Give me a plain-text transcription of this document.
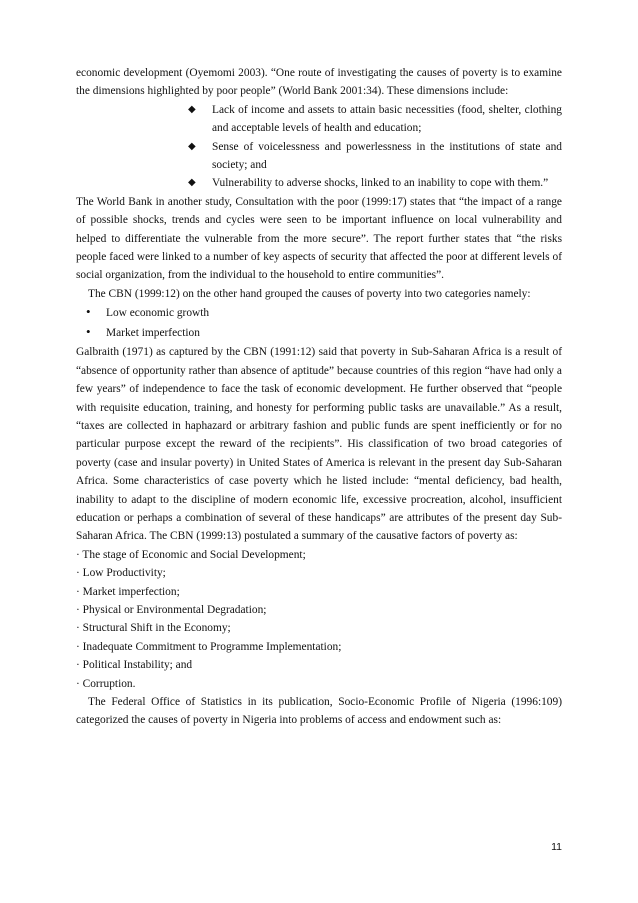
economic development (Oyemomi 2003). “One route of investigating the causes of poverty is to examine the dimensions highlighted by poor people” (World Bank 2001:34). These dimensions include:

◆ Lack of income and assets to attain basic necessities (food, shelter, clothing and acceptable levels of health and education;
◆ Sense of voicelessness and powerlessness in the institutions of state and society; and
◆ Vulnerability to adverse shocks, linked to an inability to cope with them.”

The World Bank in another study, Consultation with the poor (1999:17) states that “the impact of a range of possible shocks, trends and cycles were seen to be important influence on local vulnerability and helped to differentiate the vulnerable from the more secure”. The report further states that “the risks people faced were linked to a number of key aspects of security that affected the poor at different levels of social organization, from the individual to the household to entire communities”.

The CBN (1999:12) on the other hand grouped the causes of poverty into two categories namely:

• Low economic growth
• Market imperfection

Galbraith (1971) as captured by the CBN (1991:12) said that poverty in Sub-Saharan Africa is a result of “absence of opportunity rather than absence of aptitude” because countries of this region “have had only a few years” of independence to face the task of economic development. He further observed that “people with requisite education, training, and honesty for performing public tasks are unavailable.” As a result, “taxes are collected in haphazard or arbitrary fashion and public funds are spent inefficiently or for no particular purpose except the reward of the recipients”. His classification of two broad categories of poverty (case and insular poverty) in United States of America is relevant in the present day Sub-Saharan Africa. Some characteristics of case poverty which he listed include: “mental deficiency, bad health, inability to adapt to the discipline of modern economic life, excessive procreation, alcohol, insufficient education or perhaps a combination of several of these handicaps” are attributes of the present day Sub-Saharan Africa. The CBN (1999:13) postulated a summary of the causative factors of poverty as:

· The stage of Economic and Social Development;
· Low Productivity;
· Market imperfection;
· Physical or Environmental Degradation;
· Structural Shift in the Economy;
· Inadequate Commitment to Programme Implementation;
· Political Instability; and
· Corruption.

The Federal Office of Statistics in its publication, Socio-Economic Profile of Nigeria (1996:109) categorized the causes of poverty in Nigeria into problems of access and endowment such as:

11
